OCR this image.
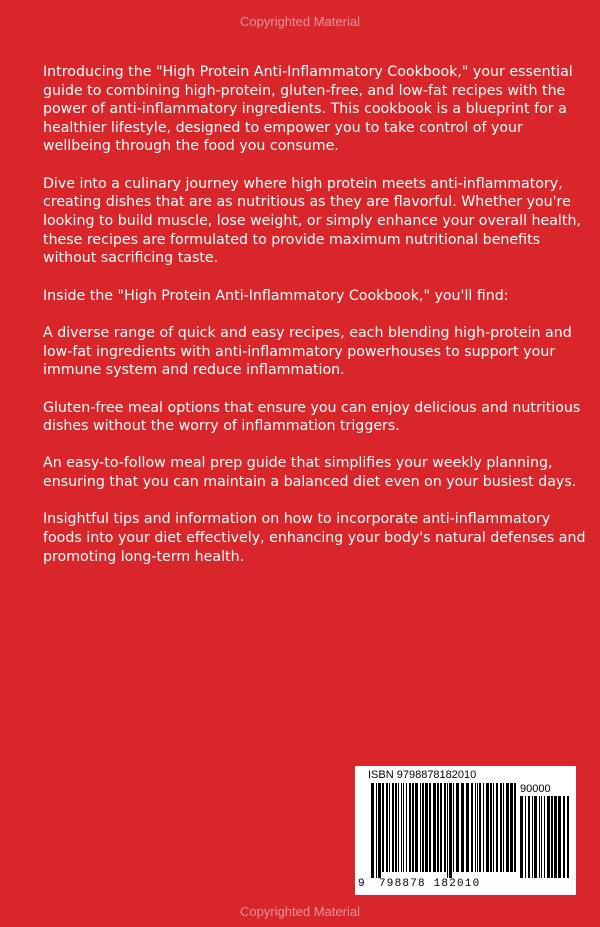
Copyrighted Material

Introducing the "High Protein Anti-Inflammatory Cookbook," your essential guide to combining high-protein, gluten-free, and low-fat recipes with the power of anti-inflammatory ingredients. This cookbook is a blueprint for a healthier lifestyle, designed to empower you to take control of your wellbeing through the food you consume.

Dive into a culinary journey where high protein meets anti-inflammatory, creating dishes that are as nutritious as they are flavorful. Whether you're looking to build muscle, lose weight, or simply enhance your overall health, these recipes are formulated to provide maximum nutritional benefits without sacrificing taste.

Inside the "High Protein Anti-Inflammatory Cookbook," you'll find:

A diverse range of quick and easy recipes, each blending high-protein and low-fat ingredients with anti-inflammatory powerhouses to support your immune system and reduce inflammation.

Gluten-free meal options that ensure you can enjoy delicious and nutritious dishes without the worry of inflammation triggers.

An easy-to-follow meal prep guide that simplifies your weekly planning, ensuring that you can maintain a balanced diet even on your busiest days.

Insightful tips and information on how to incorporate anti-inflammatory foods into your diet effectively, enhancing your body's natural defenses and promoting long-term health.

ISBN 9798878182010
90000
9 798878 182010
Copyrighted Material
